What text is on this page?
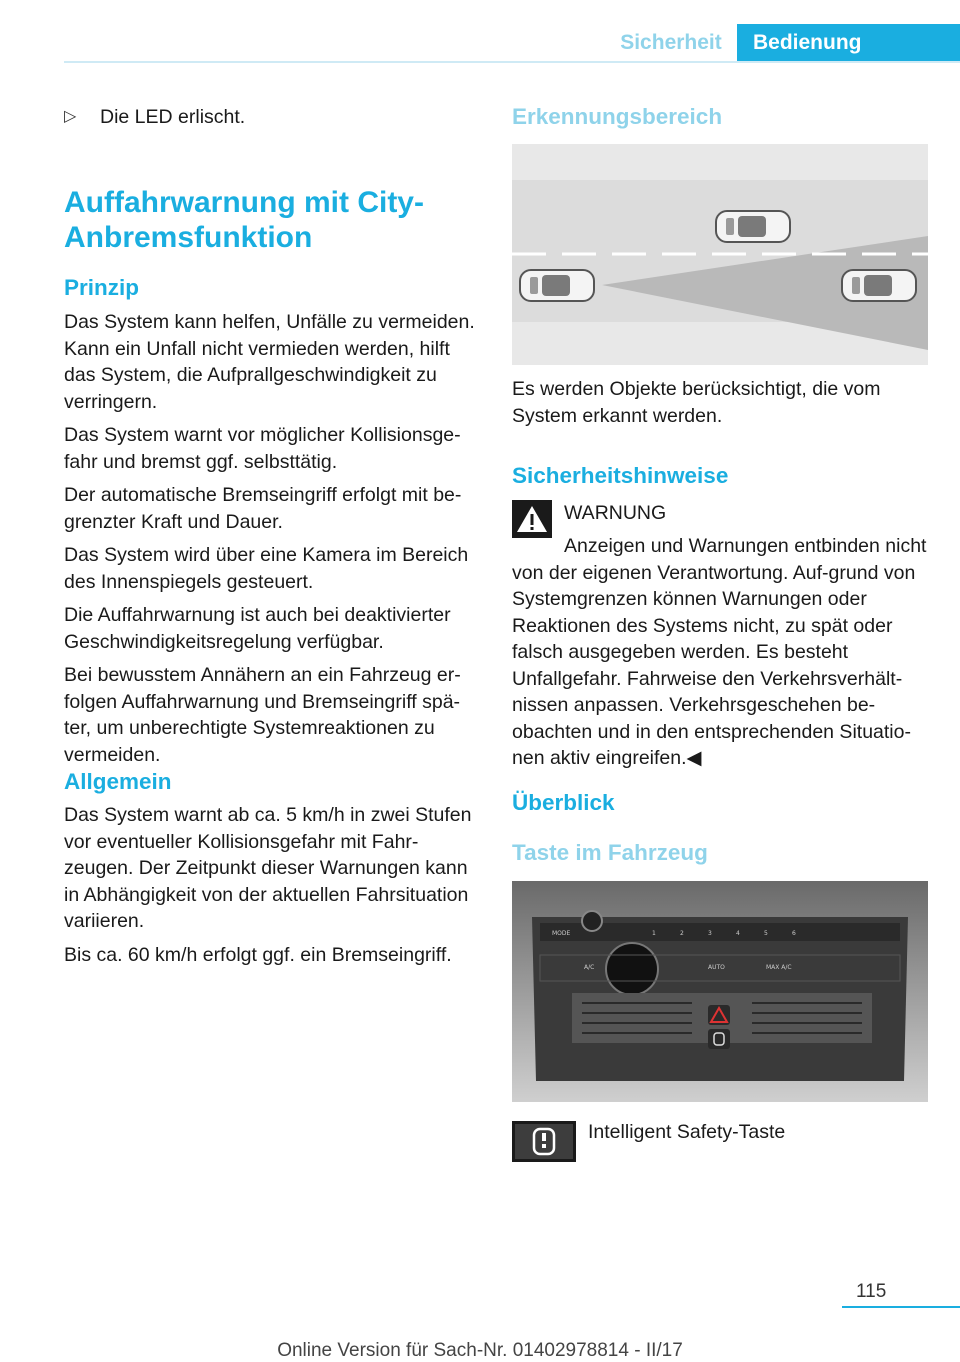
Sicherheit	Bedienung
▷	Die LED erlischt.
Auffahrwarnung mit City-
Anbremsfunktion
Prinzip

Das System kann helfen, Unfälle zu vermeiden. Kann ein Unfall nicht vermieden werden, hilft das System, die Aufprallgeschwindigkeit zu verringern.

Das System warnt vor möglicher Kollisionsge-fahr und bremst ggf. selbsttätig.

Der automatische Bremseingriff erfolgt mit be-grenzter Kraft und Dauer.

Das System wird über eine Kamera im Bereich des Innenspiegels gesteuert.

Die Auffahrwarnung ist auch bei deaktivierter Geschwindigkeitsregelung verfügbar.

Bei bewusstem Annähern an ein Fahrzeug er-folgen Auffahrwarnung und Bremseingriff spä-ter, um unberechtigte Systemreaktionen zu vermeiden.

Allgemein

Das System warnt ab ca. 5 km/h in zwei Stufen vor eventueller Kollisionsgefahr mit Fahr-zeugen. Der Zeitpunkt dieser Warnungen kann in Abhängigkeit von der aktuellen Fahrsituation variieren.

Bis ca. 60 km/h erfolgt ggf. ein Bremseingriff.

Erkennungsbereich
Es werden Objekte berücksichtigt, die vom System erkannt werden.
Sicherheitshinweise
WARNUNG
Anzeigen und Warnungen entbinden nicht von der eigenen Verantwortung. Auf-grund von Systemgrenzen können Warnungen oder Reaktionen des Systems nicht, zu spät oder falsch ausgegeben werden. Es besteht Unfallgefahr. Fahrweise den Verkehrsverhält-nissen anpassen. Verkehrsgeschehen be-obachten und in den entsprechenden Situatio-nen aktiv eingreifen.◀
Überblick
Taste im Fahrzeug
MODE	1	2	3	4	5	6
A/C	AUTO	MAX A/C
Intelligent Safety-Taste
115
Online Version für Sach-Nr. 01402978814 - II/17
